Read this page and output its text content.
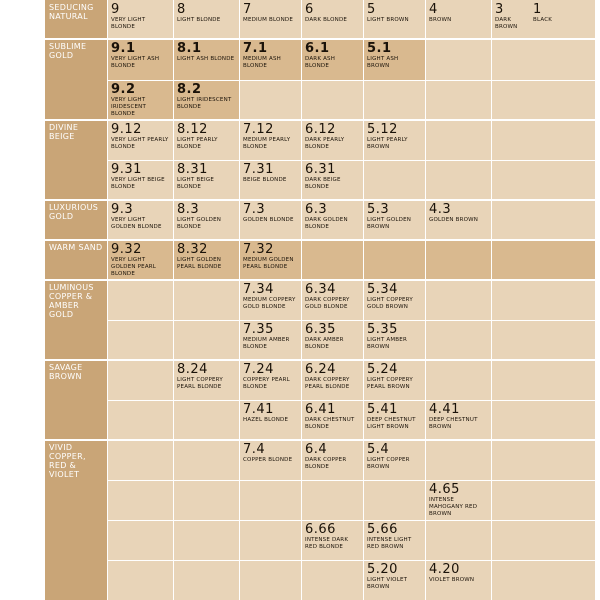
SEDUCING NATURAL
SUBLIME GOLD
DIVINE BEIGE
LUXURIOUS GOLD
WARM SAND
LUMINOUS COPPER & AMBER GOLD
SAVAGE BROWN
VIVID COPPER, RED & VIOLET
9
VERY LIGHT BLONDE
8
LIGHT BLONDE
7
MEDIUM BLONDE
6
DARK BLONDE
5
LIGHT BROWN
4
BROWN
3
DARK BROWN
1
BLACK
9.1
VERY LIGHT ASH BLONDE
8.1
LIGHT ASH BLONDE
7.1
MEDIUM ASH BLONDE
6.1
DARK ASH BLONDE
5.1
LIGHT ASH BROWN
9.2
VERY LIGHT IRIDESCENT BLONDE
8.2
LIGHT IRIDESCENT BLONDE
9.12
VERY LIGHT PEARLY BLONDE
8.12
LIGHT PEARLY BLONDE
7.12
MEDIUM PEARLY BLONDE
6.12
DARK PEARLY BLONDE
5.12
LIGHT PEARLY BROWN
9.31
VERY LIGHT BEIGE BLONDE
8.31
LIGHT BEIGE BLONDE
7.31
BEIGE BLONDE
6.31
DARK BEIGE BLONDE
9.3
VERY LIGHT GOLDEN BLONDE
8.3
LIGHT GOLDEN BLONDE
7.3
GOLDEN BLONDE
6.3
DARK GOLDEN BLONDE
5.3
LIGHT GOLDEN BROWN
4.3
GOLDEN BROWN
9.32
VERY LIGHT GOLDEN PEARL BLONDE
8.32
LIGHT GOLDEN PEARL BLONDE
7.32
MEDIUM GOLDEN PEARL BLONDE
7.34
MEDIUM COPPERY GOLD BLONDE
6.34
DARK COPPERY GOLD BLONDE
5.34
LIGHT COPPERY GOLD BROWN
7.35
MEDIUM AMBER BLONDE
6.35
DARK AMBER BLONDE
5.35
LIGHT AMBER BROWN
8.24
LIGHT COPPERY PEARL BLONDE
7.24
COPPERY PEARL BLONDE
6.24
DARK COPPERY PEARL BLONDE
5.24
LIGHT COPPERY PEARL BROWN
7.41
HAZEL BLONDE
6.41
DARK CHESTNUT BLONDE
5.41
DEEP CHESTNUT LIGHT BROWN
4.41
DEEP CHESTNUT BROWN
7.4
COPPER BLONDE
6.4
DARK COPPER BLONDE
5.4
LIGHT COPPER BROWN
4.65
INTENSE MAHOGANY RED BROWN
6.66
INTENSE DARK RED BLONDE
5.66
INTENSE LIGHT RED BROWN
5.20
LIGHT VIOLET BROWN
4.20
VIOLET BROWN
